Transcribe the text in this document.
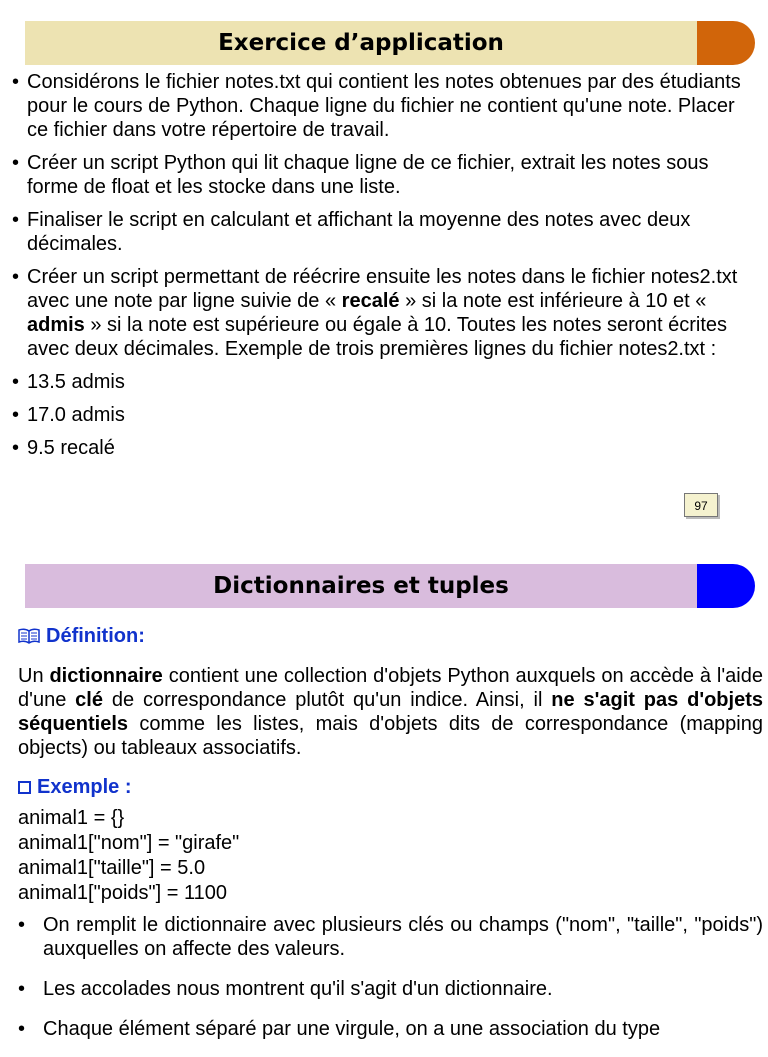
Exercice d’application
• Considérons le fichier notes.txt qui contient les notes obtenues par des étudiants pour le cours de Python. Chaque ligne du fichier ne contient qu'une note. Placer ce fichier dans votre répertoire de travail.
• Créer un script Python qui lit chaque ligne de ce fichier, extrait les notes sous forme de float et les stocke dans une liste.
• Finaliser le script en calculant et affichant la moyenne des notes avec deux décimales.
• Créer un script permettant de réécrire ensuite les notes dans le fichier notes2.txt avec une note par ligne suivie de « recalé » si la note est inférieure à 10 et « admis » si la note est supérieure ou égale à 10. Toutes les notes seront écrites avec deux décimales. Exemple de trois premières lignes du fichier notes2.txt :
• 13.5 admis
• 17.0 admis
• 9.5 recalé
97
Dictionnaires et tuples
Définition:
Un dictionnaire contient une collection d'objets Python auxquels on accède à l'aide d'une clé de correspondance plutôt qu'un indice. Ainsi, il ne s'agit pas d'objets séquentiels comme les listes, mais d'objets dits de correspondance (mapping objects) ou tableaux associatifs.
Exemple :
animal1 = {}
animal1["nom"] = "girafe"
animal1["taille"] = 5.0
animal1["poids"] = 1100
• On remplit le dictionnaire avec plusieurs clés ou champs ("nom", "taille", "poids") auxquelles on affecte des valeurs.
• Les accolades nous montrent qu'il s'agit d'un dictionnaire.
• Chaque élément séparé par une virgule, on a une association du type
